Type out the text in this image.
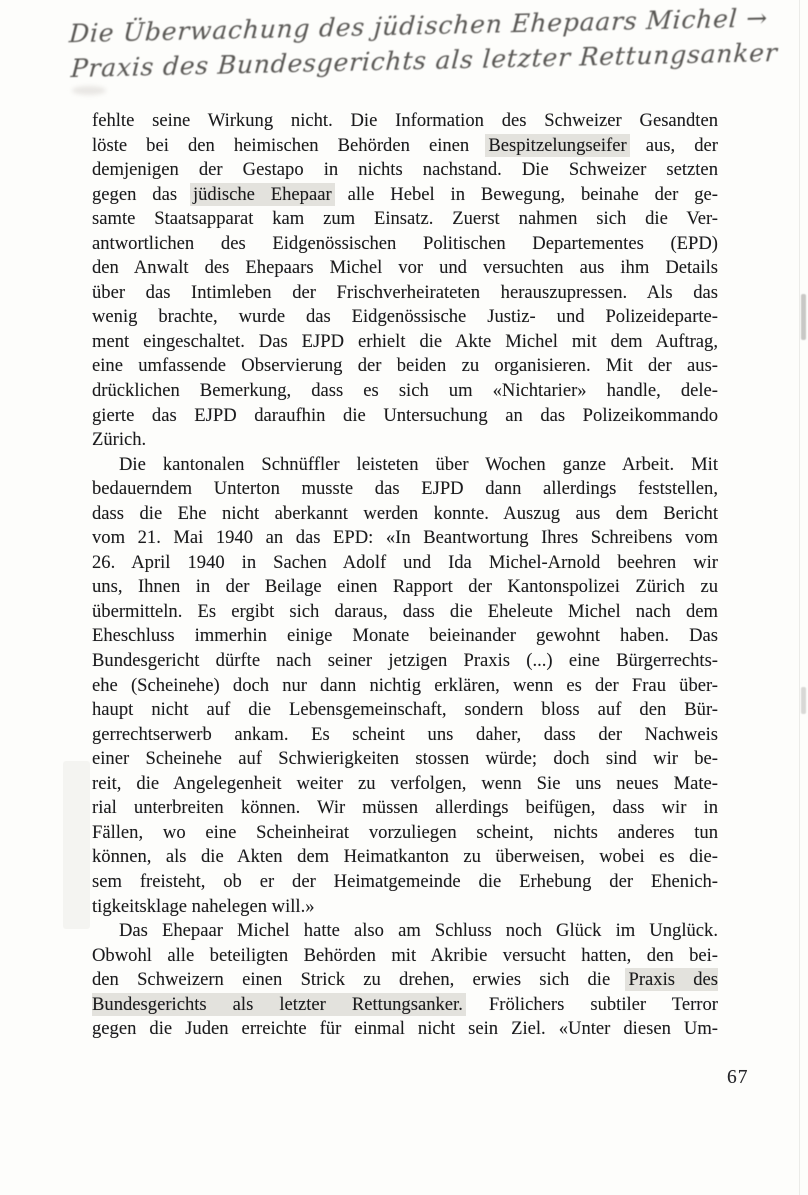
Die Überwachung des jüdischen Ehepaars Michel →
Praxis des Bundesgerichts als letzter Rettungsanker
fehlte seine Wirkung nicht. Die Information des Schweizer Gesandten
löste bei den heimischen Behörden einen Bespitzelungseifer aus, der
demjenigen der Gestapo in nichts nachstand. Die Schweizer setzten
gegen das jüdische Ehepaar alle Hebel in Bewegung, beinahe der ge-
samte Staatsapparat kam zum Einsatz. Zuerst nahmen sich die Ver-
antwortlichen des Eidgenössischen Politischen Departementes (EPD)
den Anwalt des Ehepaars Michel vor und versuchten aus ihm Details
über das Intimleben der Frischverheirateten herauszupressen. Als das
wenig brachte, wurde das Eidgenössische Justiz- und Polizeideparte-
ment eingeschaltet. Das EJPD erhielt die Akte Michel mit dem Auftrag,
eine umfassende Observierung der beiden zu organisieren. Mit der aus-
drücklichen Bemerkung, dass es sich um «Nichtarier» handle, dele-
gierte das EJPD daraufhin die Untersuchung an das Polizeikommando
Zürich.
Die kantonalen Schnüffler leisteten über Wochen ganze Arbeit. Mit
bedauerndem Unterton musste das EJPD dann allerdings feststellen,
dass die Ehe nicht aberkannt werden konnte. Auszug aus dem Bericht
vom 21. Mai 1940 an das EPD: «In Beantwortung Ihres Schreibens vom
26. April 1940 in Sachen Adolf und Ida Michel-Arnold beehren wir
uns, Ihnen in der Beilage einen Rapport der Kantonspolizei Zürich zu
übermitteln. Es ergibt sich daraus, dass die Eheleute Michel nach dem
Eheschluss immerhin einige Monate beieinander gewohnt haben. Das
Bundesgericht dürfte nach seiner jetzigen Praxis (...) eine Bürgerrechts-
ehe (Scheinehe) doch nur dann nichtig erklären, wenn es der Frau über-
haupt nicht auf die Lebensgemeinschaft, sondern bloss auf den Bür-
gerrechtserwerb ankam. Es scheint uns daher, dass der Nachweis
einer Scheinehe auf Schwierigkeiten stossen würde; doch sind wir be-
reit, die Angelegenheit weiter zu verfolgen, wenn Sie uns neues Mate-
rial unterbreiten können. Wir müssen allerdings beifügen, dass wir in
Fällen, wo eine Scheinheirat vorzuliegen scheint, nichts anderes tun
können, als die Akten dem Heimatkanton zu überweisen, wobei es die-
sem freisteht, ob er der Heimatgemeinde die Erhebung der Ehenich-
tigkeitsklage nahelegen will.»
Das Ehepaar Michel hatte also am Schluss noch Glück im Unglück.
Obwohl alle beteiligten Behörden mit Akribie versucht hatten, den bei-
den Schweizern einen Strick zu drehen, erwies sich die Praxis des
Bundesgerichts als letzter Rettungsanker. Frölichers subtiler Terror
gegen die Juden erreichte für einmal nicht sein Ziel. «Unter diesen Um-
67
